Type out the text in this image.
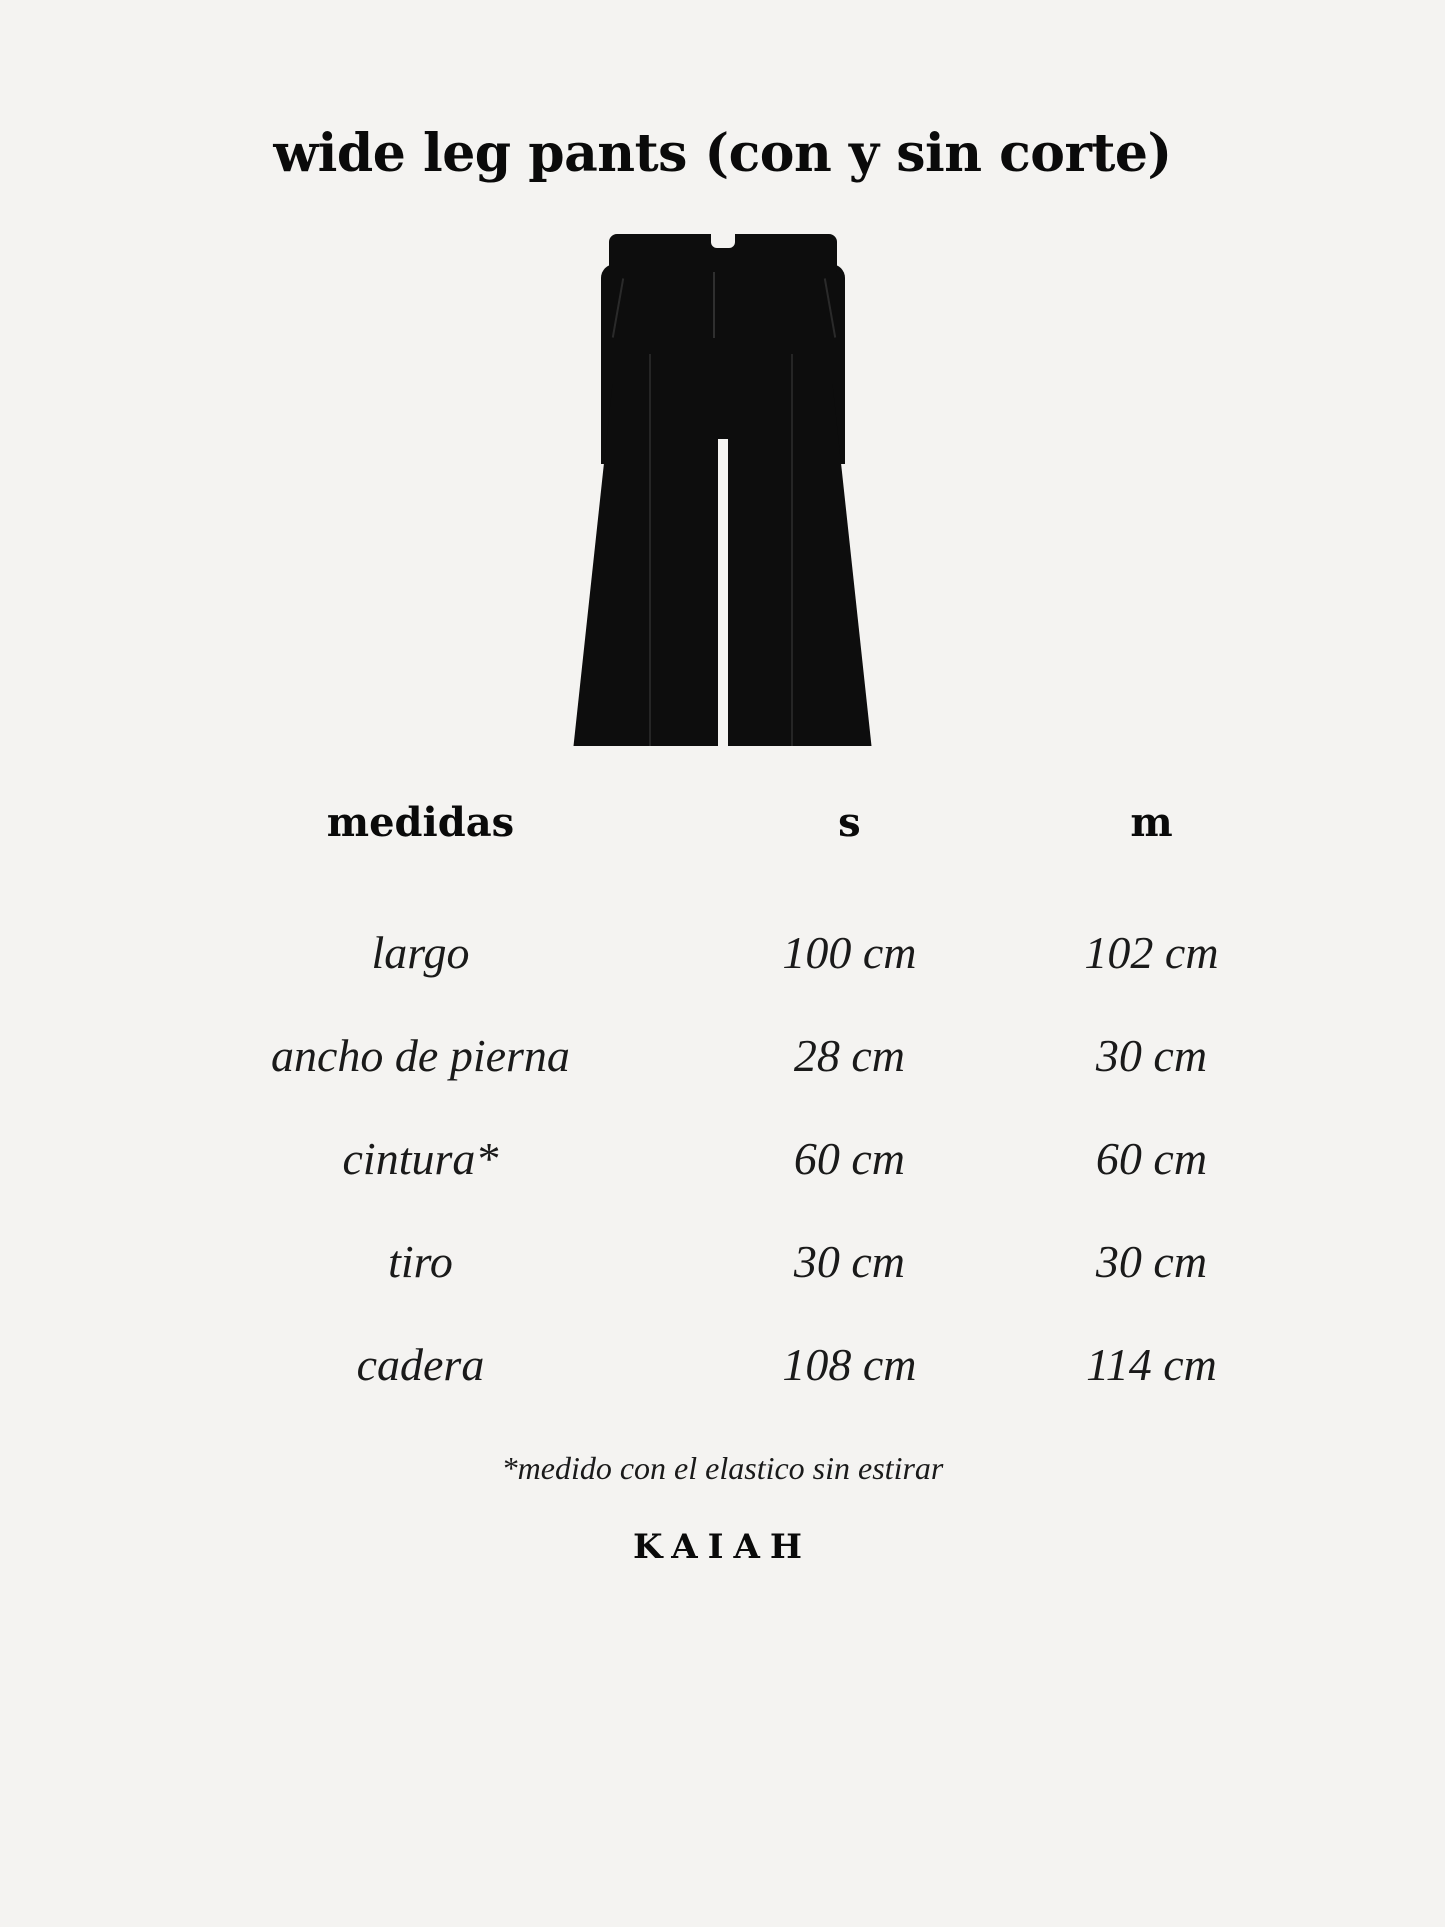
wide leg pants (con y sin corte)
medidas	s	m
largo	100 cm	102 cm
ancho de pierna	28 cm	30 cm
cintura*	60 cm	60 cm
tiro	30 cm	30 cm
cadera	108 cm	114 cm
*medido con el elastico sin estirar
KAIAH
